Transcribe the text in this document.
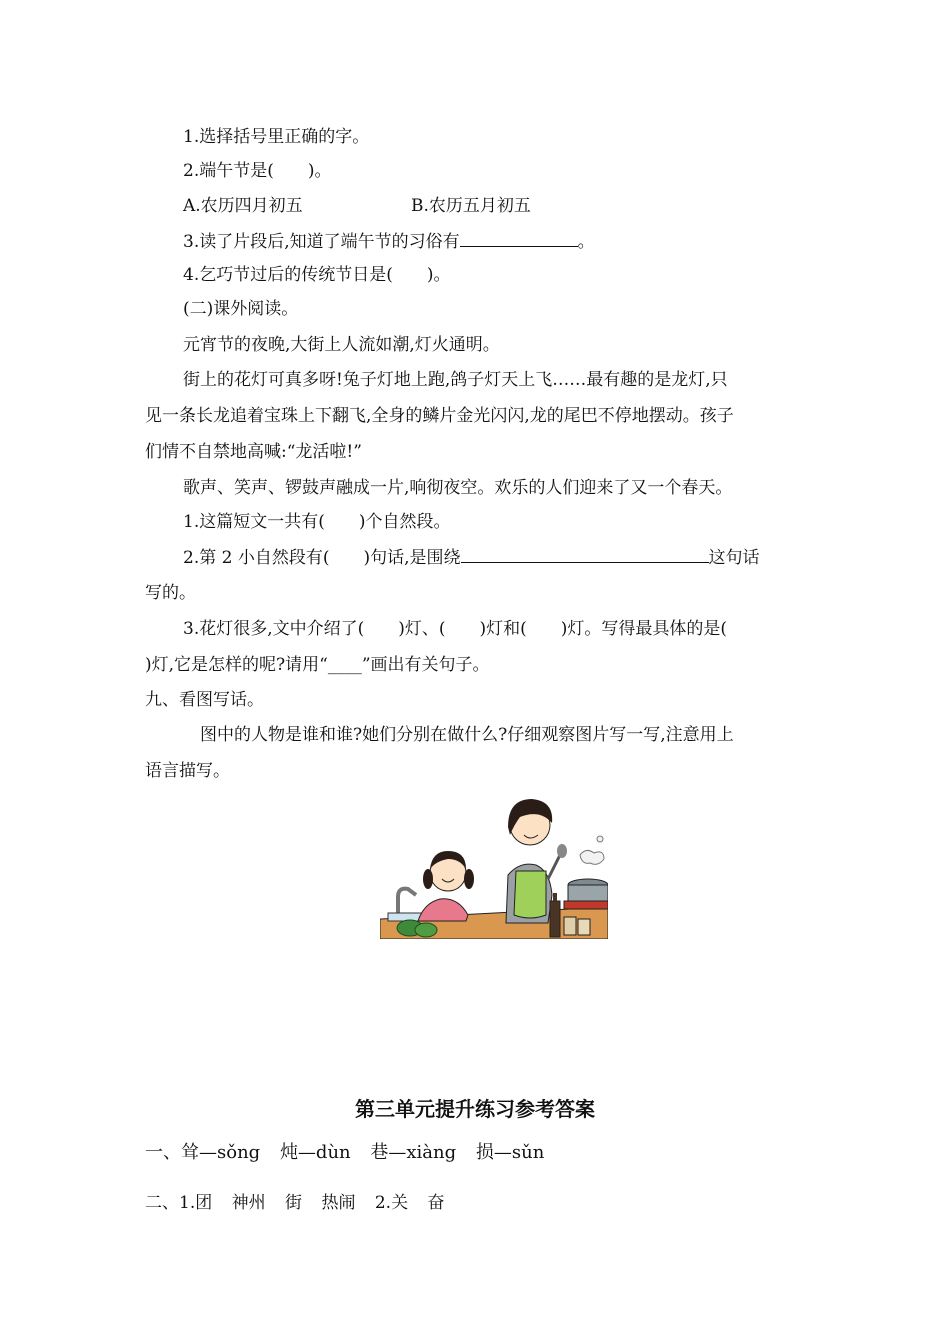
1.选择括号里正确的字。
2.端午节是(　　)。
A.农历四月初五	B.农历五月初五
3.读了片段后,知道了端午节的习俗有	。
4.乞巧节过后的传统节日是(　　)。
(二)课外阅读。
元宵节的夜晚,大街上人流如潮,灯火通明。
街上的花灯可真多呀!兔子灯地上跑,鸽子灯天上飞……最有趣的是龙灯,只
见一条长龙追着宝珠上下翻飞,全身的鳞片金光闪闪,龙的尾巴不停地摆动。孩子
们情不自禁地高喊:“龙活啦!”
歌声、笑声、锣鼓声融成一片,响彻夜空。欢乐的人们迎来了又一个春天。
1.这篇短文一共有(　　)个自然段。
2.第 2 小自然段有(　　)句话,是围绕	这句话
写的。
3.花灯很多,文中介绍了(　　)灯、(　　)灯和(　　)灯。写得最具体的是(
)灯,它是怎样的呢?请用“____”画出有关句子。
九、看图写话。
　图中的人物是谁和谁?她们分别在做什么?仔细观察图片写一写,注意用上
语言描写。
第三单元提升练习参考答案
一、耸—sǒng 炖—dùn 巷—xiàng 损—sǔn
二、1.团 神州 街 热闹 2.关 奋
